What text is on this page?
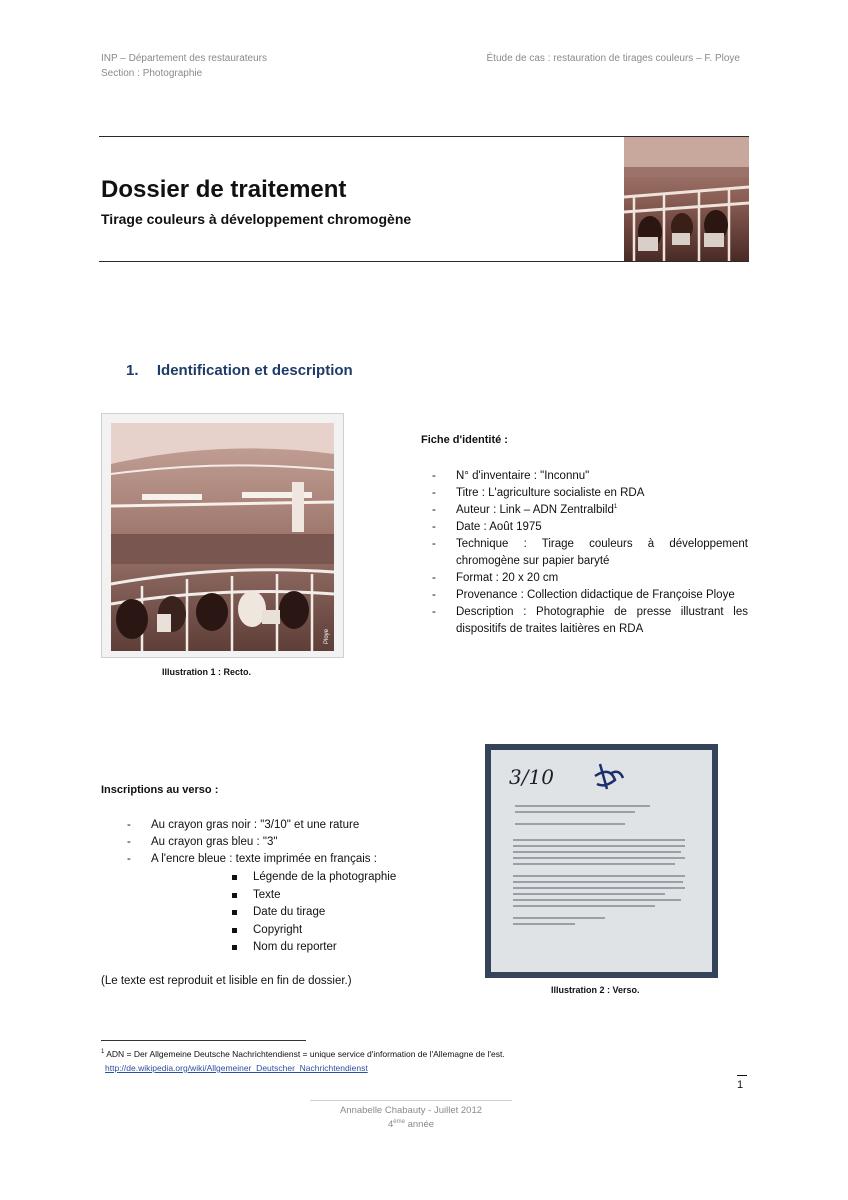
INP – Département des restaurateurs
Section : Photographie
Étude de cas : restauration de tirages couleurs – F. Ploye
Dossier de traitement
Tirage couleurs à développement chromogène
1. Identification et description
Ploye
Illustration 1 : Recto.
Fiche d'identité :
- N° d'inventaire : "Inconnu"
- Titre : L'agriculture socialiste en RDA
- Auteur : Link – ADN Zentralbild$^1$
- Date : Août 1975
- Technique : Tirage couleurs à développement chromogène sur papier baryté
- Format : 20 x 20 cm
- Provenance : Collection didactique de Françoise Ploye
- Description : Photographie de presse illustrant les dispositifs de traites laitières en RDA
Inscriptions au verso :
- Au crayon gras noir : "3/10" et une rature
- Au crayon gras bleu : "3"
- A l'encre bleue : texte imprimée en français :
Légende de la photographie
Texte
Date du tirage
Copyright
Nom du reporter
(Le texte est reproduit et lisible en fin de dossier.)
3/10
Illustration 2 : Verso.
$^1$ ADN = Der Allgemeine Deutsche Nachrichtendienst = unique service d'information de l'Allemagne de l'est.
http://de.wikipedia.org/wiki/Allgemeiner_Deutscher_Nachrichtendienst
1
Annabelle Chabauty - Juillet 2012
4ème année
